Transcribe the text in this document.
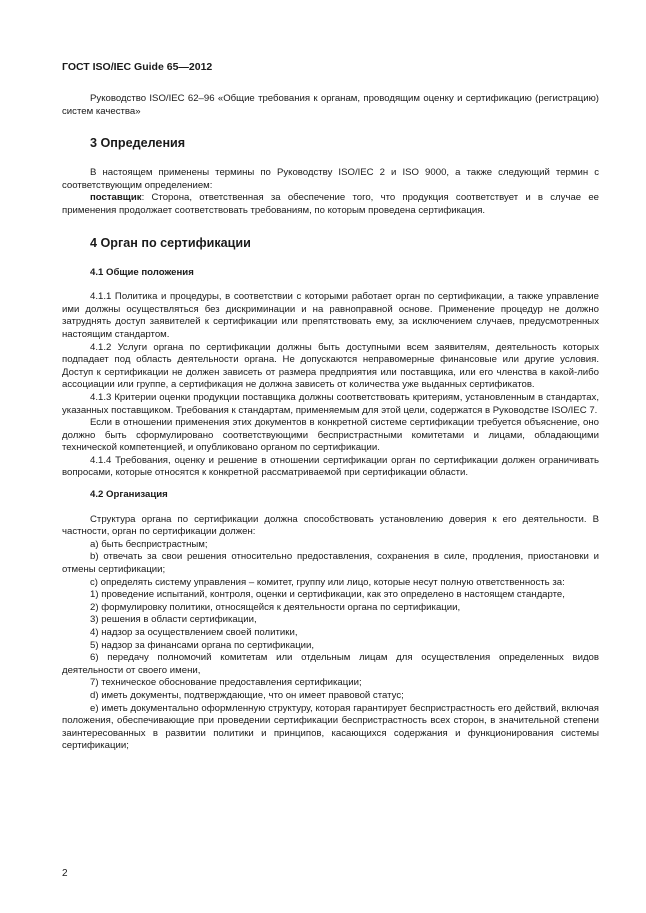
ГОСТ ISO/IEC Guide 65—2012

Руководство ISO/IEC 62–96 «Общие требования к органам, проводящим оценку и сертификацию (регистрацию) систем качества»

3 Определения

В настоящем применены термины по Руководству ISO/IEC 2 и ISO 9000, а также следующий термин с соответствующим определением:

поставщик: Сторона, ответственная за обеспечение того, что продукция соответствует и в случае ее применения продолжает соответствовать требованиям, по которым проведена сертификация.

4 Орган по сертификации

4.1 Общие положения

4.1.1 Политика и процедуры, в соответствии с которыми работает орган по сертификации, а также управление ими должны осуществляться без дискриминации и на равноправной основе. Применение процедур не должно затруднять доступ заявителей к сертификации или препятствовать ему, за исключением случаев, предусмотренных настоящим стандартом.

4.1.2 Услуги органа по сертификации должны быть доступными всем заявителям, деятельность которых подпадает под область деятельности органа. Не допускаются неправомерные финансовые или другие условия. Доступ к сертификации не должен зависеть от размера предприятия или поставщика, или его членства в какой-либо ассоциации или группе, а сертификация не должна зависеть от количества уже выданных сертификатов.

4.1.3 Критерии оценки продукции поставщика должны соответствовать критериям, установленным в стандартах, указанных поставщиком. Требования к стандартам, применяемым для этой цели, содержатся в Руководстве ISO/IEC 7.

Если в отношении применения этих документов в конкретной системе сертификации требуется объяснение, оно должно быть сформулировано соответствующими беспристрастными комитетами и лицами, обладающими технической компетенцией, и опубликовано органом по сертификации.

4.1.4 Требования, оценку и решение в отношении сертификации орган по сертификации должен ограничивать вопросами, которые относятся к конкретной рассматриваемой при сертификации области.

4.2 Организация

Структура органа по сертификации должна способствовать установлению доверия к его деятельности. В частности, орган по сертификации должен:

a) быть беспристрастным;

b) отвечать за свои решения относительно предоставления, сохранения в силе, продления, приостановки и отмены сертификации;

c) определять систему управления – комитет, группу или лицо, которые несут полную ответственность за:

1) проведение испытаний, контроля, оценки и сертификации, как это определено в настоящем стандарте,

2) формулировку политики, относящейся к деятельности органа по сертификации,

3) решения в области сертификации,

4) надзор за осуществлением своей политики,

5) надзор за финансами органа по сертификации,

6) передачу полномочий комитетам или отдельным лицам для осуществления определенных видов деятельности от своего имени,

7) техническое обоснование предоставления сертификации;

d) иметь документы, подтверждающие, что он имеет правовой статус;

e) иметь документально оформленную структуру, которая гарантирует беспристрастность его действий, включая положения, обеспечивающие при проведении сертификации беспристрастность всех сторон, в значительной степени заинтересованных в развитии политики и принципов, касающихся содержания и функционирования системы сертификации;

2
